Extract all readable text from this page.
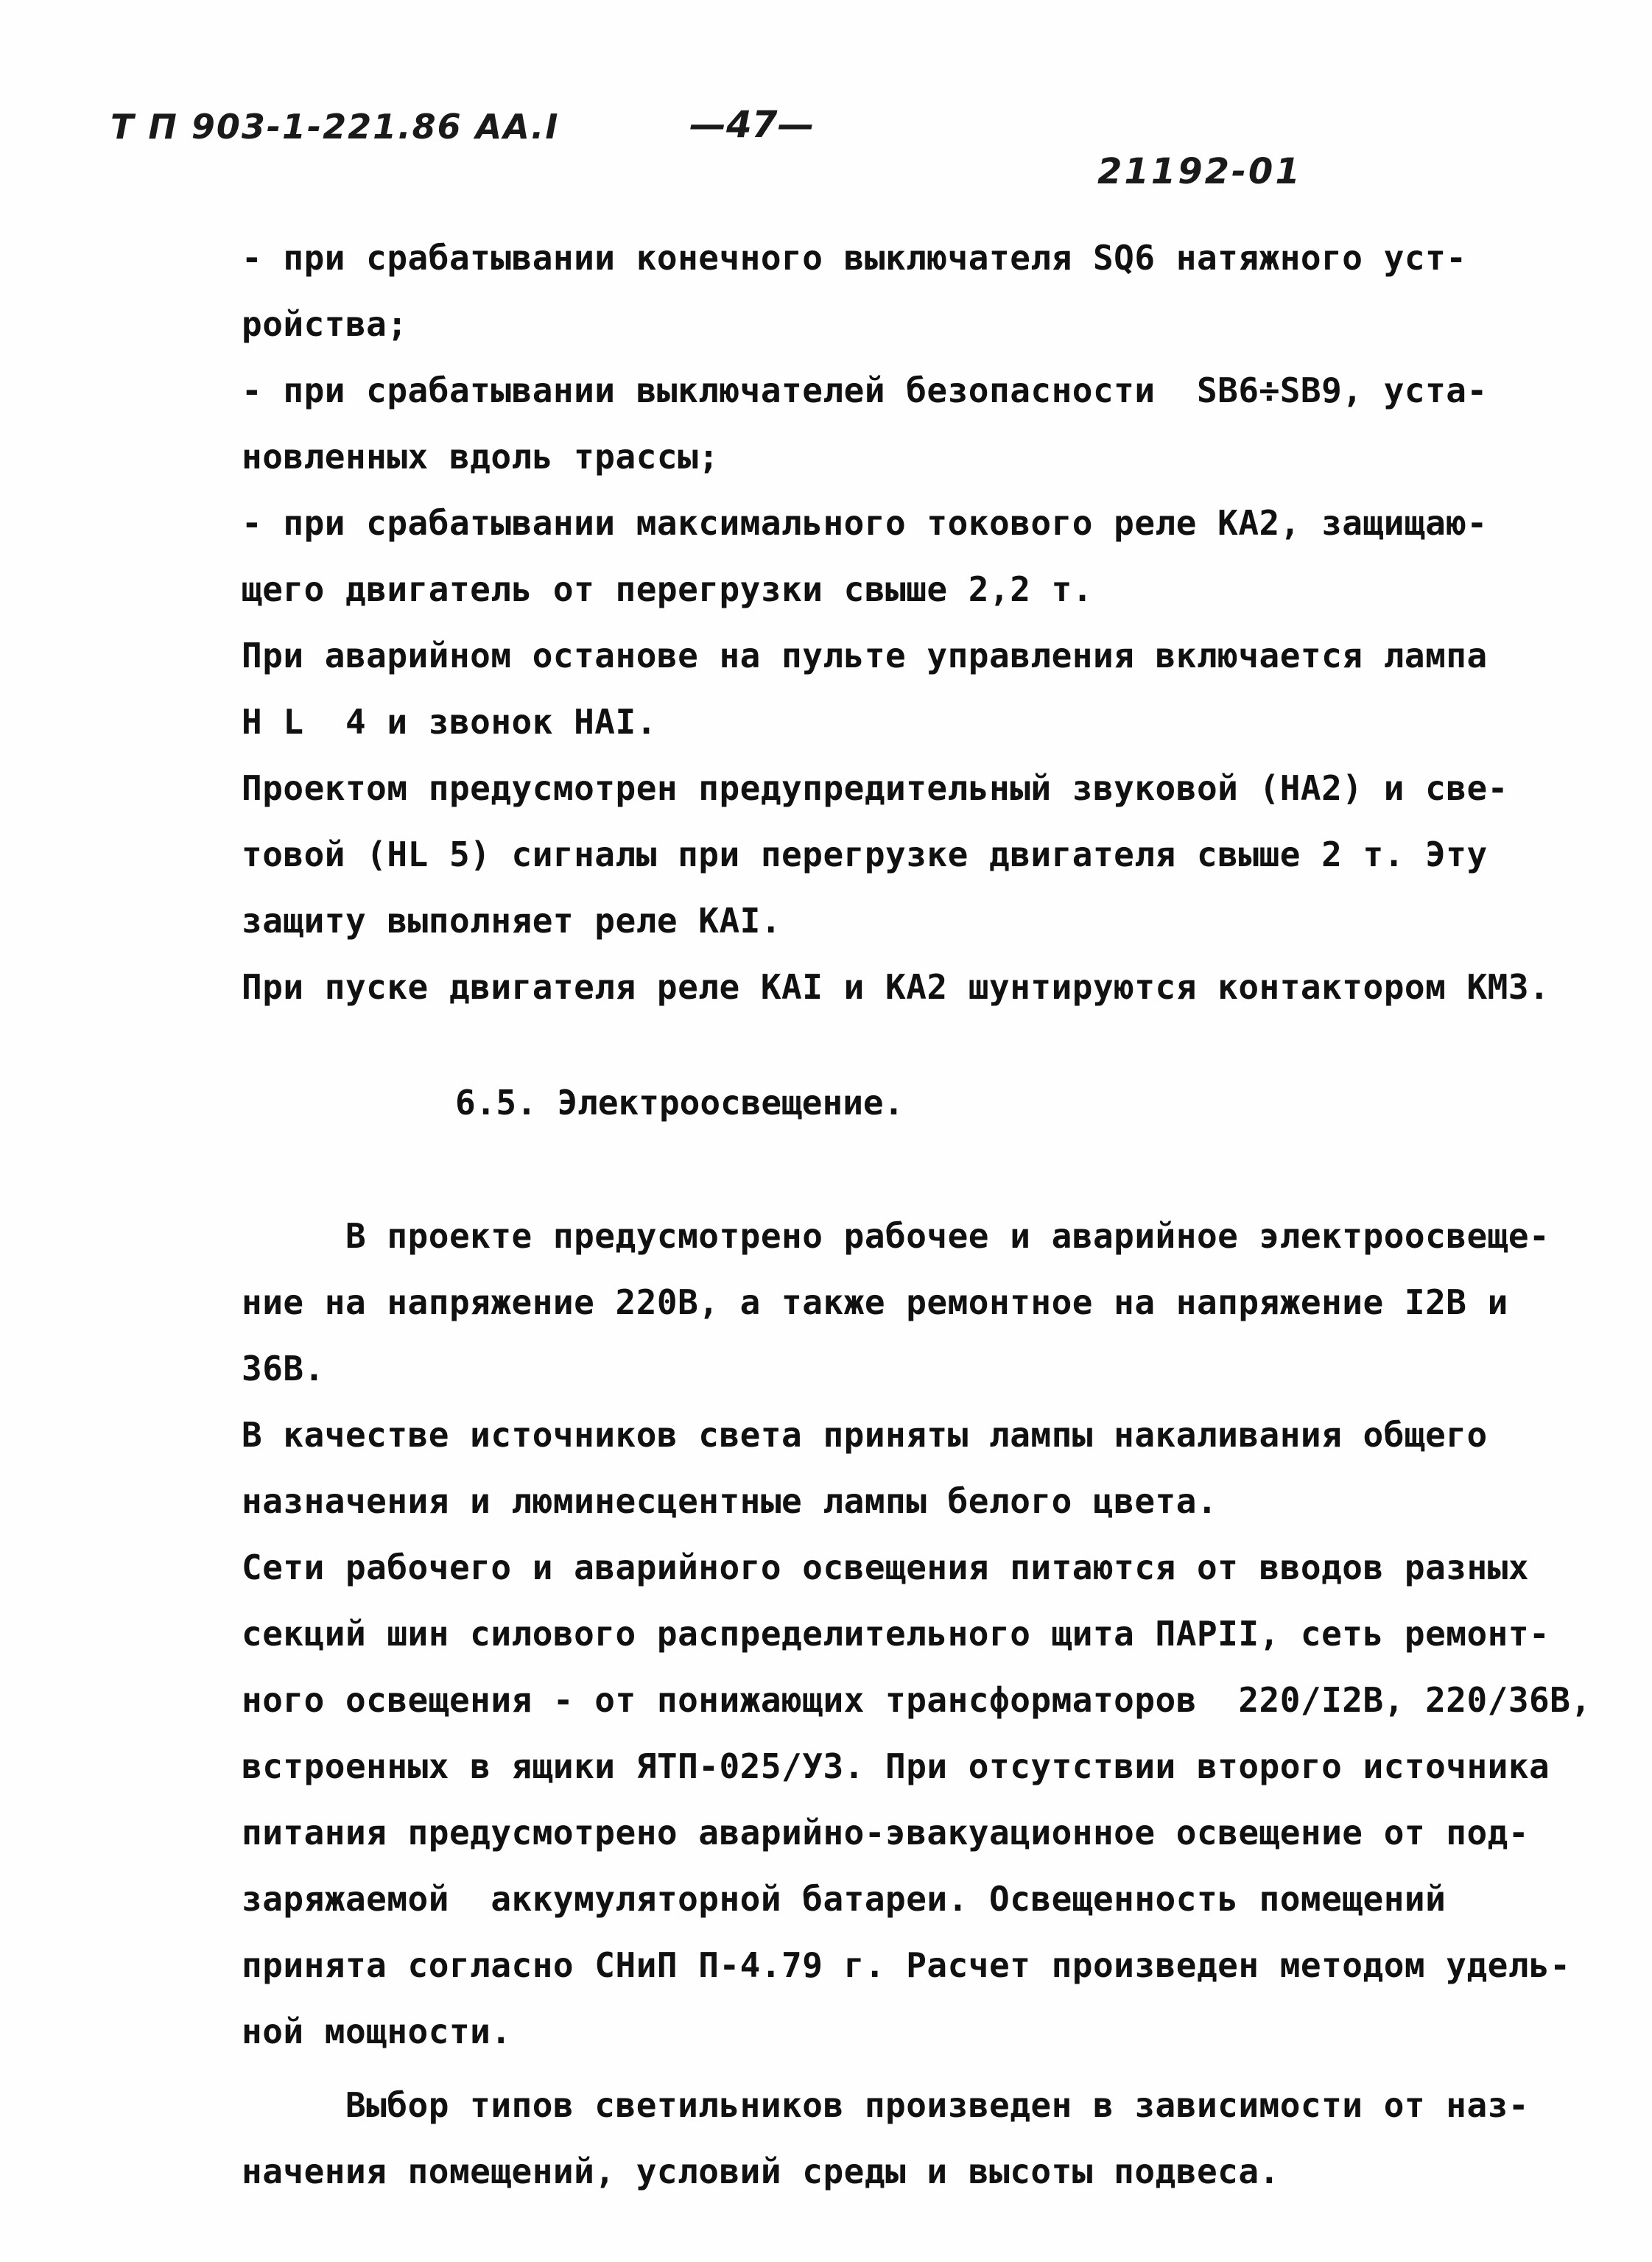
Т П 903-1-221.86 АА.I	—47—
21192-01
- при срабатывании конечного выключателя SQ6 натяжного уст-
ройства;
- при срабатывании выключателей безопасности  SB6÷SB9, уста-
новленных вдоль трассы;
- при срабатывании максимального токового реле КА2, защищаю-
щего двигатель от перегрузки свыше 2,2 т.
При аварийном останове на пульте управления включается лампа
H L  4 и звонок HAI.
Проектом предусмотрен предупредительный звуковой (НА2) и све-
товой (HL 5) сигналы при перегрузке двигателя свыше 2 т. Эту
защиту выполняет реле КАI.
При пуске двигателя реле КАI и КА2 шунтируются контактором КМ3.
6.5. Электроосвещение.
В проекте предусмотрено рабочее и аварийное электроосвеще-
ние на напряжение 220В, а также ремонтное на напряжение I2В и
36В.
В качестве источников света приняты лампы накаливания общего
назначения и люминесцентные лампы белого цвета.
Сети рабочего и аварийного освещения питаются от вводов разных
секций шин силового распределительного щита ПАРII, сеть ремонт-
ного освещения - от понижающих трансформаторов  220/I2В, 220/36В,
встроенных в ящики ЯТП-025/У3. При отсутствии второго источника
питания предусмотрено аварийно-эвакуационное освещение от под-
заряжаемой  аккумуляторной батареи. Освещенность помещений
принята согласно СНиП П-4.79 г. Расчет произведен методом удель-
ной мощности.
Выбор типов светильников произведен в зависимости от наз-
начения помещений, условий среды и высоты подвеса.
